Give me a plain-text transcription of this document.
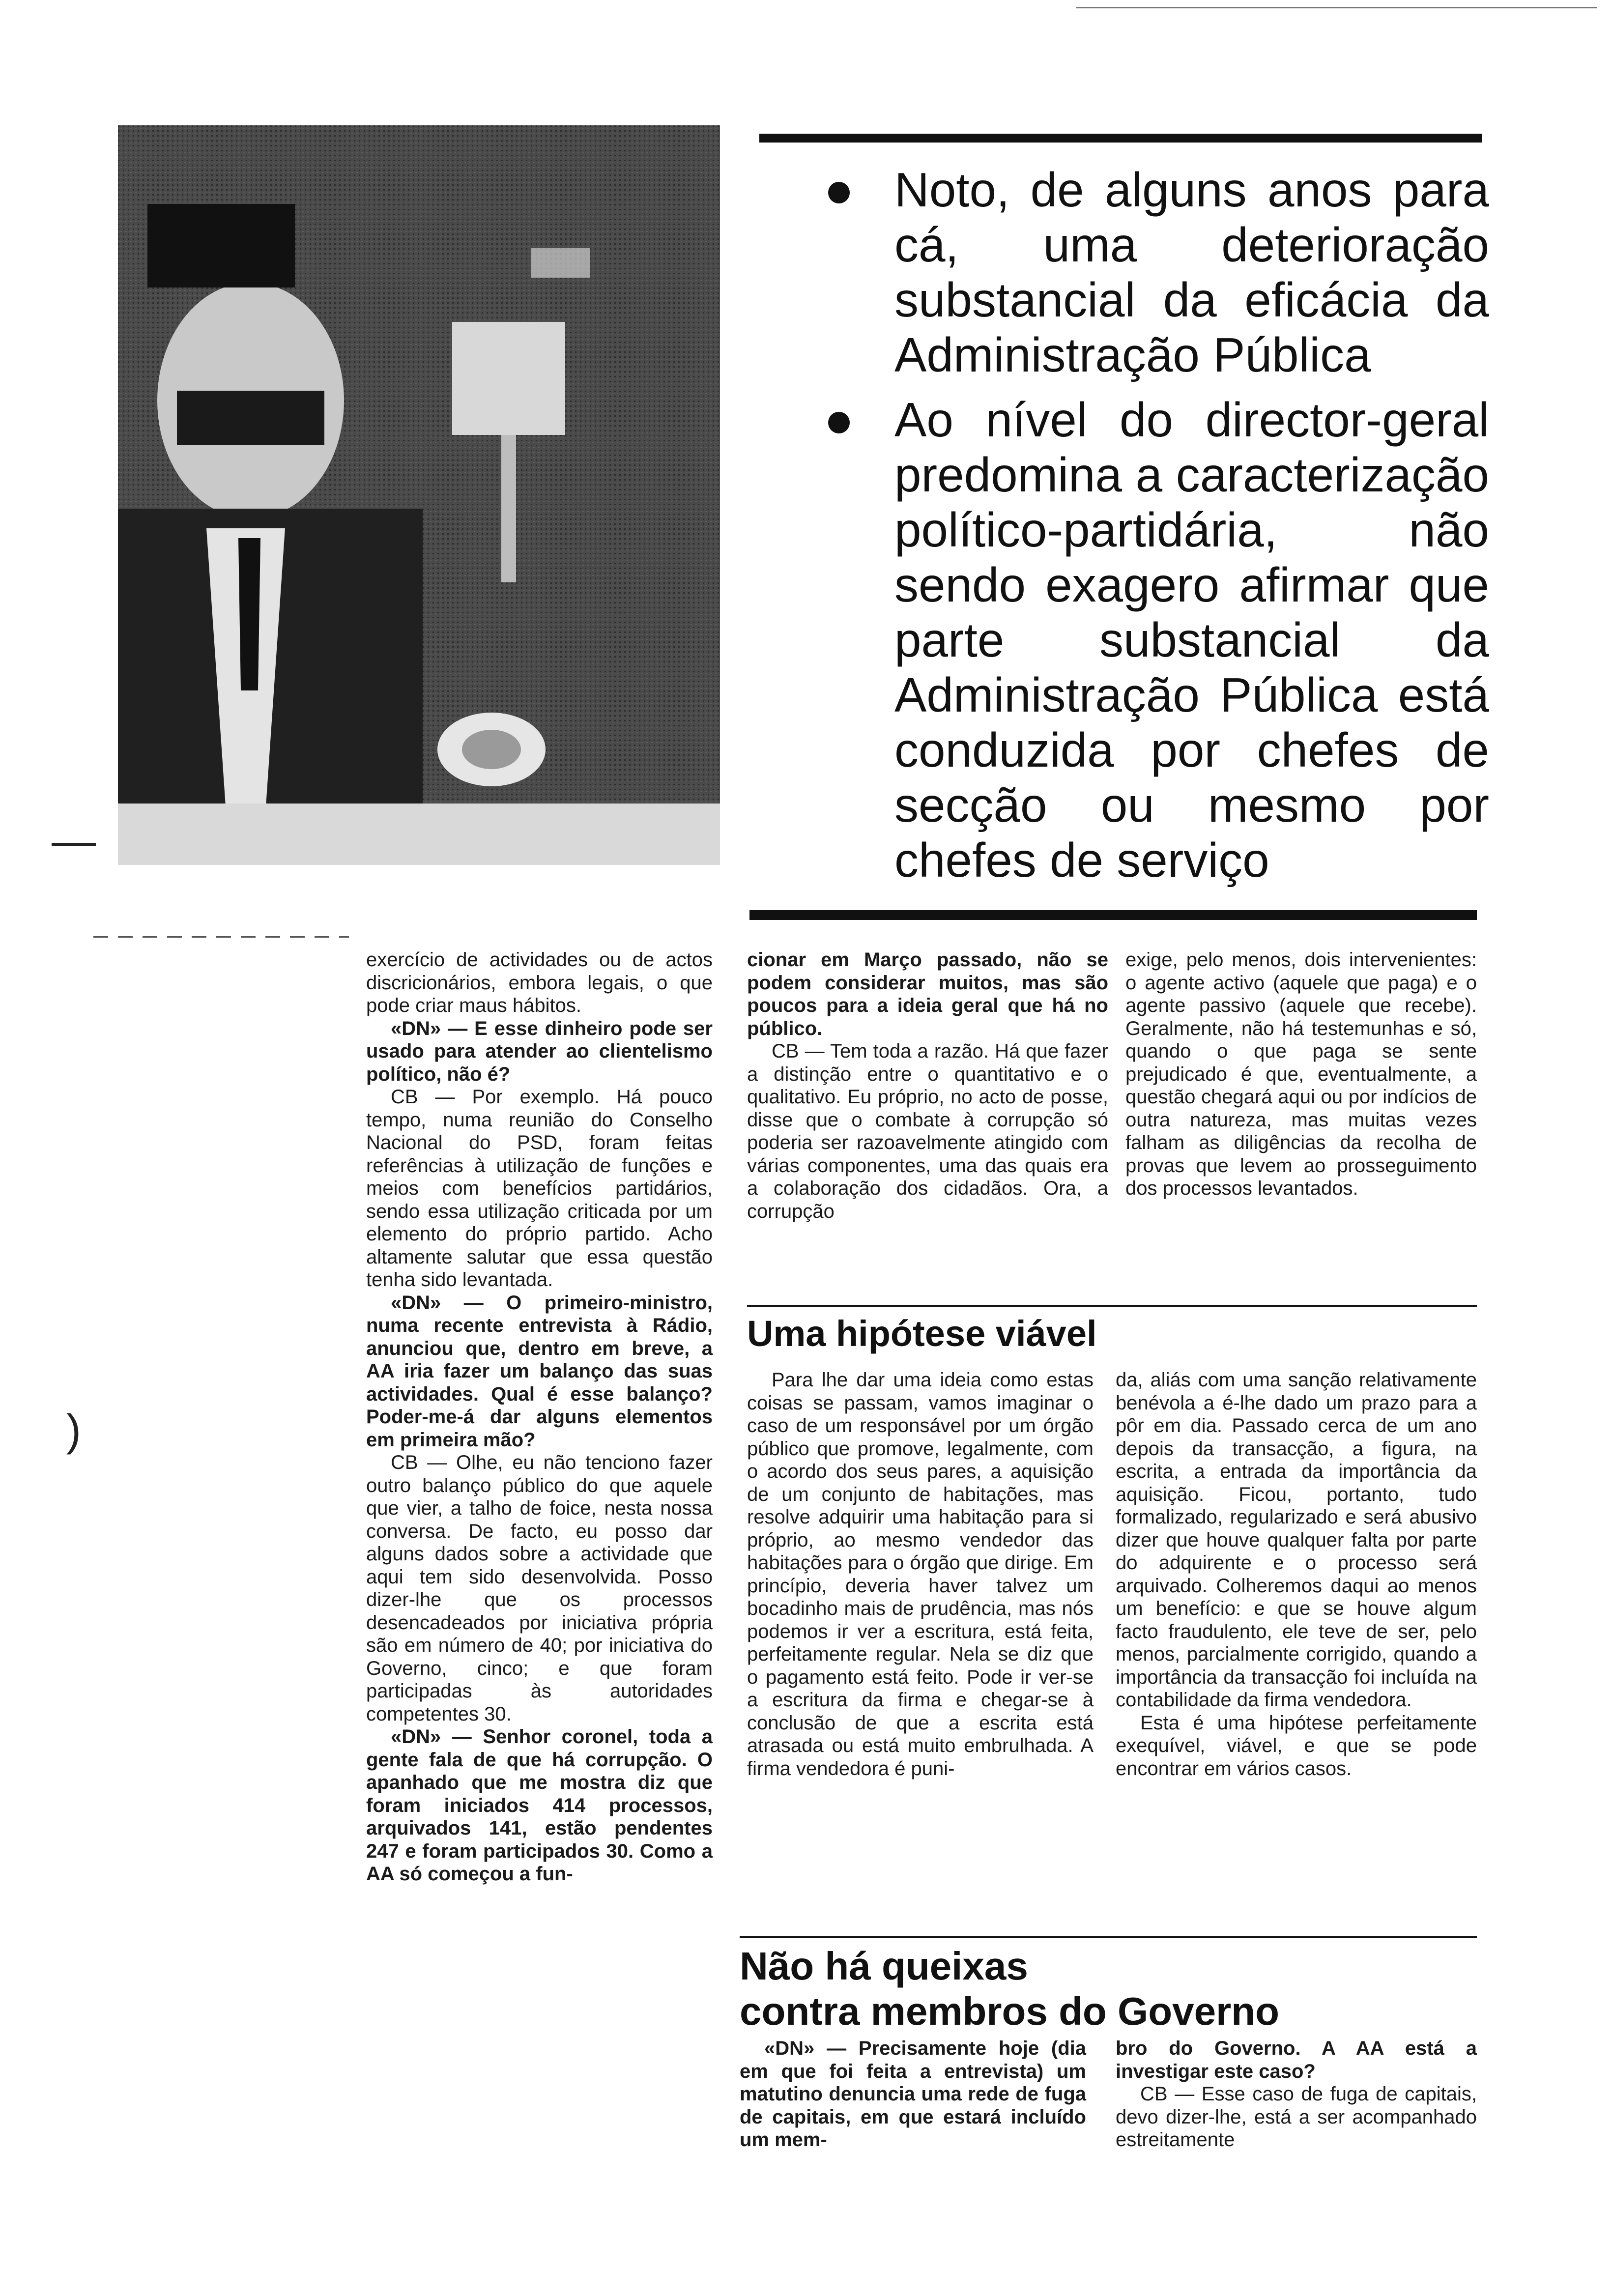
Noto, de alguns anos para cá, uma deterioração substancial da eficácia da Administração Pública

Ao nível do director-geral predomina a caracterização político-partidária, não sendo exagero afirmar que parte substancial da Administração Pública está conduzida por chefes de secção ou mesmo por chefes de serviço

exercício de actividades ou de actos discricionários, embora legais, o que pode criar maus hábitos.

«DN» — E esse dinheiro pode ser usado para atender ao clientelismo político, não é?

CB — Por exemplo. Há pouco tempo, numa reunião do Conselho Nacional do PSD, foram feitas referências à utilização de funções e meios com benefícios partidários, sendo essa utilização criticada por um elemento do próprio partido. Acho altamente salutar que essa questão tenha sido levantada.

«DN» — O primeiro-ministro, numa recente entrevista à Rádio, anunciou que, dentro em breve, a AA iria fazer um balanço das suas actividades. Qual é esse balanço? Poder-me-á dar alguns elementos em primeira mão?

CB — Olhe, eu não tenciono fazer outro balanço público do que aquele que vier, a talho de foice, nesta nossa conversa. De facto, eu posso dar alguns dados sobre a actividade que aqui tem sido desenvolvida. Posso dizer-lhe que os processos desencadeados por iniciativa própria são em número de 40; por iniciativa do Governo, cinco; e que foram participadas às autoridades competentes 30.

«DN» — Senhor coronel, toda a gente fala de que há corrupção. O apanhado que me mostra diz que foram iniciados 414 processos, arquivados 141, estão pendentes 247 e foram participados 30. Como a AA só começou a fun-

cionar em Março passado, não se podem considerar muitos, mas são poucos para a ideia geral que há no público.

CB — Tem toda a razão. Há que fazer a distinção entre o quantitativo e o qualitativo. Eu próprio, no acto de posse, disse que o combate à corrupção só poderia ser razoavelmente atingido com várias componentes, uma das quais era a colaboração dos cidadãos. Ora, a corrupção

exige, pelo menos, dois intervenientes: o agente activo (aquele que paga) e o agente passivo (aquele que recebe). Geralmente, não há testemunhas e só, quando o que paga se sente prejudicado é que, eventualmente, a questão chegará aqui ou por indícios de outra natureza, mas muitas vezes falham as diligências da recolha de provas que levem ao prosseguimento dos processos levantados.

Uma hipótese viável

Para lhe dar uma ideia como estas coisas se passam, vamos imaginar o caso de um responsável por um órgão público que promove, legalmente, com o acordo dos seus pares, a aquisição de um conjunto de habitações, mas resolve adquirir uma habitação para si próprio, ao mesmo vendedor das habitações para o órgão que dirige. Em princípio, deveria haver talvez um bocadinho mais de prudência, mas nós podemos ir ver a escritura, está feita, perfeitamente regular. Nela se diz que o pagamento está feito. Pode ir ver-se a escritura da firma e chegar-se à conclusão de que a escrita está atrasada ou está muito embrulhada. A firma vendedora é puni-

da, aliás com uma sanção relativamente benévola a é-lhe dado um prazo para a pôr em dia. Passado cerca de um ano depois da transacção, a figura, na escrita, a entrada da importância da aquisição. Ficou, portanto, tudo formalizado, regularizado e será abusivo dizer que houve qualquer falta por parte do adquirente e o processo será arquivado. Colheremos daqui ao menos um benefício: e que se houve algum facto fraudulento, ele teve de ser, pelo menos, parcialmente corrigido, quando a importância da transacção foi incluída na contabilidade da firma vendedora.

Esta é uma hipótese perfeitamente exequível, viável, e que se pode encontrar em vários casos.

Não há queixas
contra membros do Governo

«DN» — Precisamente hoje (dia em que foi feita a entrevista) um matutino denuncia uma rede de fuga de capitais, em que estará incluído um mem-

bro do Governo. A AA está a investigar este caso?

CB — Esse caso de fuga de capitais, devo dizer-lhe, está a ser acompanhado estreitamente

—
)
